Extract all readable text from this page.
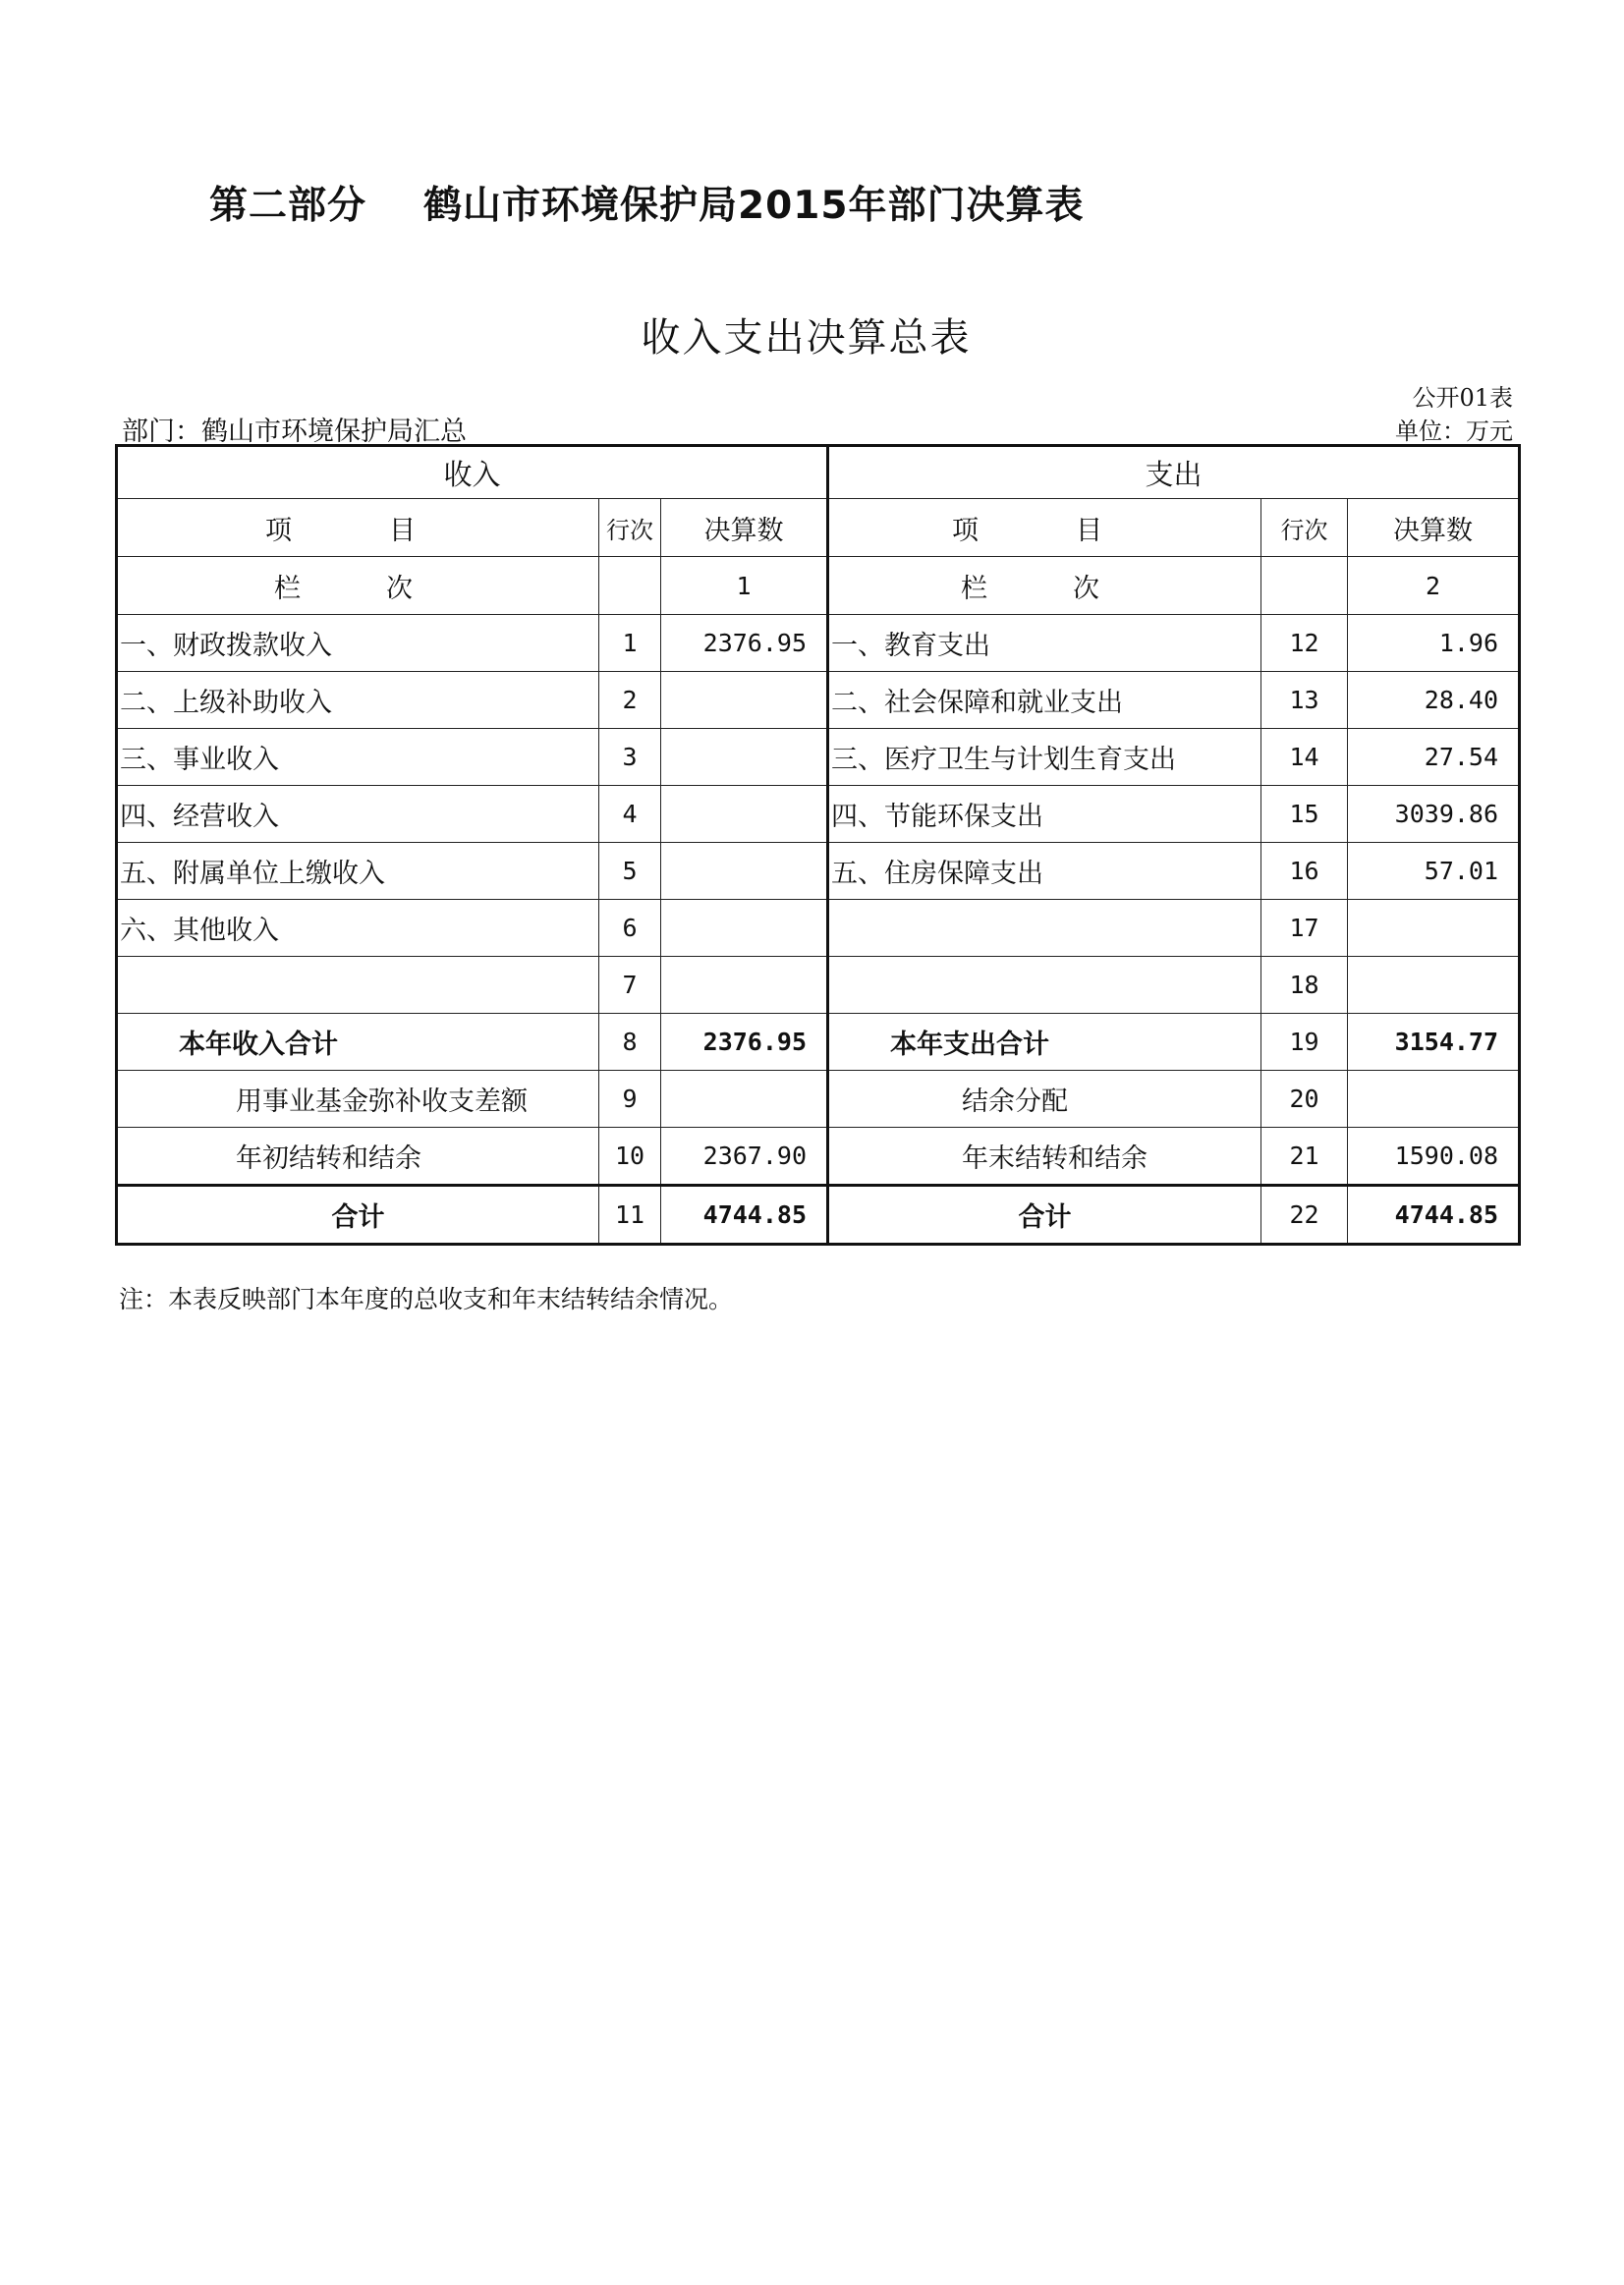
第二部分 鹤山市环境保护局2015年部门决算表
收入支出决算总表
公开01表
部门：鹤山市环境保护局汇总	单位：万元
收入			支出		
项　目	行次	决算数	项　目	行次	决算数
栏　次		1	栏　次		2
一、财政拨款收入	1	2376.95	一、教育支出	12	1.96
二、上级补助收入	2		二、社会保障和就业支出	13	28.40
三、事业收入	3		三、医疗卫生与计划生育支出	14	27.54
四、经营收入	4		四、节能环保支出	15	3039.86
五、附属单位上缴收入	5		五、住房保障支出	16	57.01
六、其他收入	6			17	
	7			18	
本年收入合计	8	2376.95	本年支出合计	19	3154.77
用事业基金弥补收支差额	9		结余分配	20	
年初结转和结余	10	2367.90	年末结转和结余	21	1590.08
合计	11	4744.85	合计	22	4744.85
注：本表反映部门本年度的总收支和年末结转结余情况。
